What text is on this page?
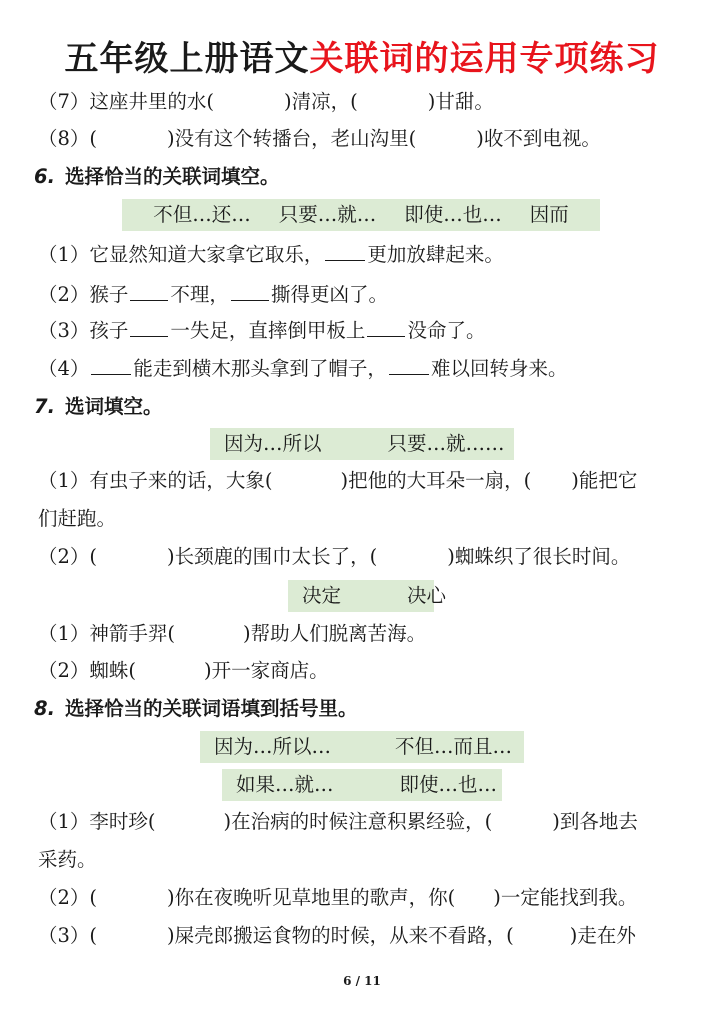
五年级上册语文关联词的运用专项练习
（7）这座井里的水(	)清凉，(	)甘甜。
（8）(	)没有这个转播台，老山沟里(	)收不到电视。
6. 选择恰当的关联词填空。
不但…还… 只要…就… 即使…也… 因而
（1）它显然知道大家拿它取乐， 更加放肆起来。
（2）猴子 不理， 撕得更凶了。
（3）孩子 一失足，直摔倒甲板上 没命了。
（4） 能走到横木那头拿到了帽子， 难以回转身来。
7. 选词填空。
因为…所以	只要…就……
（1）有虫子来的话，大象(	)把他的大耳朵一扇，( )能把它
们赶跑。
（2）(	)长颈鹿的围巾太长了，(	)蜘蛛织了很长时间。
决定	决心
（1）神箭手羿(	)帮助人们脱离苦海。
（2）蜘蛛(	)开一家商店。
8. 选择恰当的关联词语填到括号里。
因为…所以…	不但…而且…
如果…就…	即使…也…
（1）李时珍(	)在治病的时候注意积累经验，(	)到各地去
采药。
（2）(	)你在夜晚听见草地里的歌声，你( )一定能找到我。
（3）(	)屎壳郎搬运食物的时候，从来不看路，(	)走在外
6 / 11
